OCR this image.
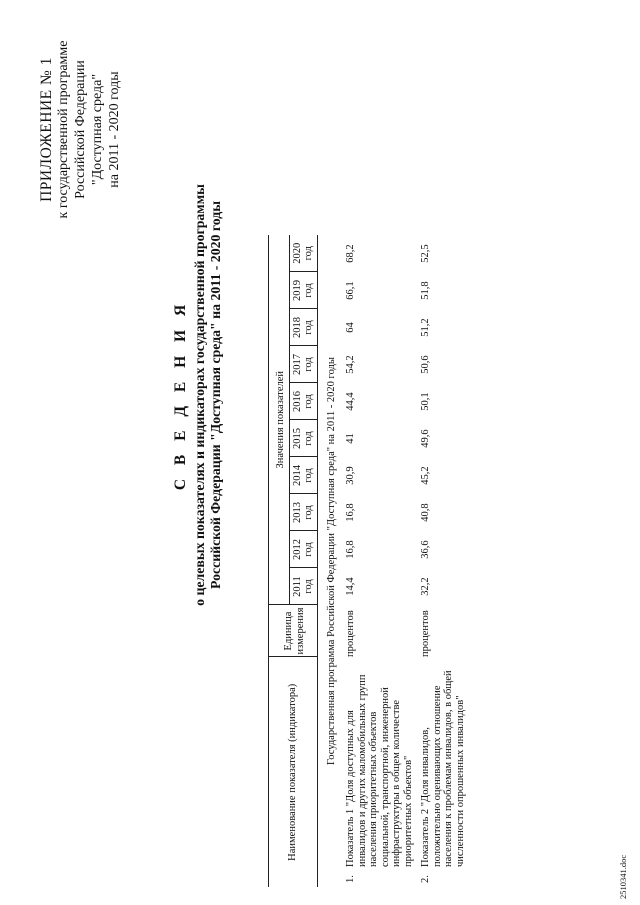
ПРИЛОЖЕНИЕ № 1 к государственной программе Российской Федерации "Доступная среда" на 2011 - 2020 годы
С В Е Д Е Н И Я о целевых показателях и индикаторах государственной программы Российской Федерации "Доступная среда" на 2011 - 2020 годы
Наименование показателя (индикатора)		Единица измерения	Значения показателей									
			2011 год	2012 год	2013 год	2014 год	2015 год	2016 год	2017 год	2018 год	2019 год	2020 год
Государственная программа Российской Федерации "Доступная среда" на 2011 - 2020 годы												
1.	Показатель 1 "Доля доступных для инвалидов и других маломобильных групп населения приоритетных объектов социальной, транспортной, инженерной инфраструктуры в общем количестве приоритетных объектов"	процентов	14,4	16,8	16,8	30,9	41	44,4	54,2	64	66,1	68,2
2.	Показатель 2 "Доля инвалидов, положительно оценивающих отношение населения к проблемам инвалидов, в общей численности опрошенных инвалидов"	процентов	32,2	36,6	40,8	45,2	49,6	50,1	50,6	51,2	51,8	52,5
2510341.doc
